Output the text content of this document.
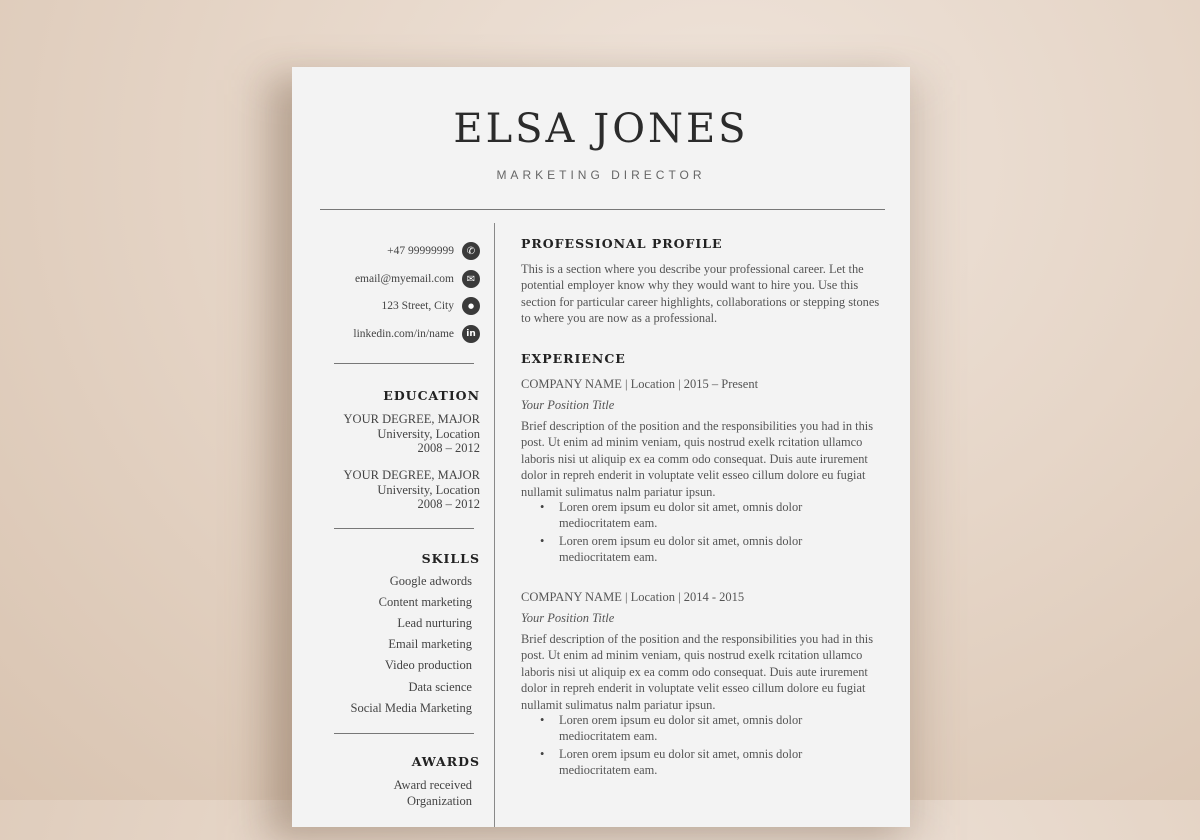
ELSA JONES
MARKETING DIRECTOR
+47 99999999	✆
email@myemail.com	✉
123 Street, City	●
linkedin.com/in/name	in
EDUCATION
YOUR DEGREE, MAJOR
University, Location
2008 – 2012
YOUR DEGREE, MAJOR
University, Location
2008 – 2012
SKILLS
Google adwords
Content marketing
Lead nurturing
Email marketing
Video production
Data science
Social Media Marketing
AWARDS
Award received
Organization
PROFESSIONAL PROFILE
This is a section where you describe your professional career. Let the potential employer know why they would want to hire you. Use this section for particular career highlights, collaborations or stepping stones to where you are now as a professional.
EXPERIENCE
COMPANY NAME | Location | 2015 – Present
Your Position Title
Brief description of the position and the responsibilities you had in this post. Ut enim ad minim veniam, quis nostrud exelk rcitation ullamco laboris nisi ut aliquip ex ea comm odo consequat. Duis aute irurement dolor in repreh enderit in voluptate velit esseo cillum dolore eu fugiat nullamit sulimatus nalm pariatur ipsun.
• Loren orem ipsum eu dolor sit amet, omnis dolor mediocritatem eam.
• Loren orem ipsum eu dolor sit amet, omnis dolor mediocritatem eam.
COMPANY NAME | Location | 2014 - 2015
Your Position Title
Brief description of the position and the responsibilities you had in this post. Ut enim ad minim veniam, quis nostrud exelk rcitation ullamco laboris nisi ut aliquip ex ea comm odo consequat. Duis aute irurement dolor in repreh enderit in voluptate velit esseo cillum dolore eu fugiat nullamit sulimatus nalm pariatur ipsun.
• Loren orem ipsum eu dolor sit amet, omnis dolor mediocritatem eam.
• Loren orem ipsum eu dolor sit amet, omnis dolor mediocritatem eam.
